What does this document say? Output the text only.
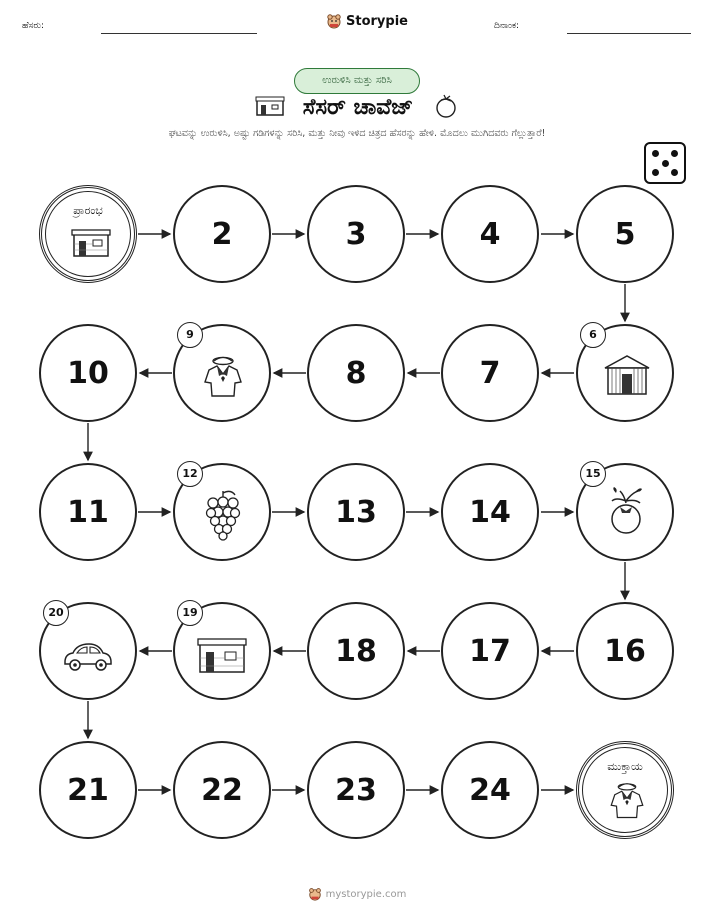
ಹೆಸರು:	Storypie	ದಿನಾಂಕ:
ಉರುಳಿಸಿ ಮತ್ತು ಸರಿಸಿ
ಸೆಸರ್ ಚಾವೆಜ್
ಘಟವನ್ನು ಉರುಳಿಸಿ, ಅಷ್ಟು ಗಡಿಗಳನ್ನು ಸರಿಸಿ, ಮತ್ತು ನೀವು ಇಳಿದ ಚಿತ್ರದ ಹೆಸರನ್ನು ಹೇಳಿ. ಮೊದಲು ಮುಗಿದವರು ಗೆಲ್ಲುತ್ತಾರೆ!
ಪ್ರಾರಂಭ
2	3	4	5
10
9
8	7
6
11
12
13	14
15
20	19
18	17	16
21	22	23	24
ಮುಕ್ತಾಯ
mystorypie.com
